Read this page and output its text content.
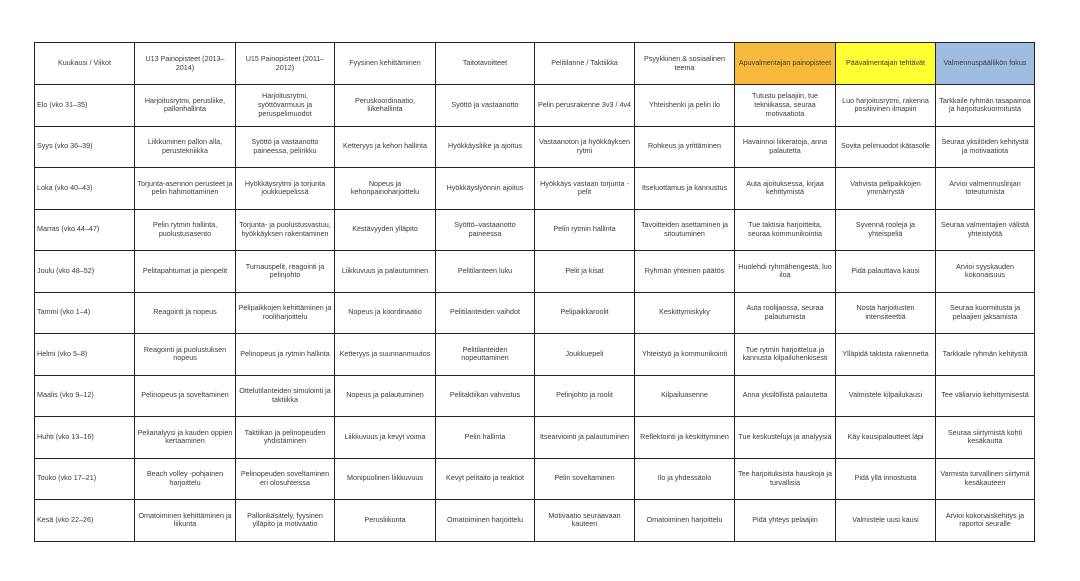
Kuukausi / Viikot	U13 Painopisteet (2013–2014)	U15 Painopisteet (2011–2012)	Fyysinen kehittäminen	Taitotavoitteet	Pelitilanne / Taktiikka	Psyykkinen & sosiaalinen teema	Apuvalmentajan painopisteet	Päävalmentajan tehtävät	Valmennuspäällikön fokus
Elo (vko 31–35)	Harjoitusrytmi, perusliike, pallonhallinta	Harjoitusrytmi, syöttövarmuus ja peruspelimuodot	Peruskoordinaatio, liikehallinta	Syöttö ja vastaanotto	Pelin perusrakenne 3v3 / 4v4	Yhteishenki ja pelin ilo	Tutustu pelaajiin, tue tekniikassa, seuraa motivaatiota	Luo harjoitusrytmi, rakenna positiivinen ilmapiiri	Tarkkaile ryhmän tasapainoa ja harjoituskuormitusta
Syys (vko 36–39)	Liikkuminen pallon alla, perustekniikka	Syöttö ja vastaanotto paineessa, pelirikku	Ketteryys ja kehon hallinta	Hyökkäysliike ja ajoitus	Vastaanoton ja hyökkäyksen rytmi	Rohkeus ja yrittäminen	Havainnoi liikeratoja, anna palautetta	Sovita pelimuodot ikätasolle	Seuraa yksilöiden kehitystä ja motivaatiota
Loka (vko 40–43)	Torjunta-asennon perusteet ja pelin hahmottaminen	Hyökkäysrytmi ja torjunta joukkuepelissä	Nopeus ja kehonpainoharjoittelu	Hyökkäyslyönnin ajoitus	Hyökkäys vastaan torjunta -pelit	Itseluottamus ja kannustus	Auta ajoituksessa, kirjaa kehittymistä	Vahvista pelipaikkojen ymmärrystä	Arvioi valmennuslinjan toteutumista
Marras (vko 44–47)	Pelin rytmin hallinta, puolustusasento	Torjunta- ja puolustusvastuu, hyökkäyksen rakentaminen	Kestävyyden ylläpito	Syöttö–vastaanotto paineessa	Pelin rytmin hallinta	Tavoitteiden asettaminen ja sitoutuminen	Tue taktisia harjoitteita, seuraa kommunikointia	Syvennä rooleja ja yhteispeliä	Seuraa valmentajien välistä yhteistyötä
Joulu (vko 48–52)	Pelitapahtumat ja pienpelit	Turnauspelit, reagointi ja pelinjohto	Liikkuvuus ja palautuminen	Pelitilanteen luku	Pelit ja kisat	Ryhmän yhteinen päätös	Huolehdi ryhmähengestä, luo iloa	Pidä palauttava kausi	Arvioi syyskauden kokonaisuus
Tammi (vko 1–4)	Reagointi ja nopeus	Pelipaikkojen kehittäminen ja rooliharjoittelu	Nopeus ja koordinaatio	Pelitilanteiden vaihdot	Pelipaikkaroolit	Keskittymiskyky	Auta roolijaossa, seuraa palautumista	Nosta harjoitusten intensiteettiä	Seuraa kuormitusta ja pelaajien jaksamista
Helmi (vko 5–8)	Reagointi ja puolustuksen nopeus	Pelinopeus ja rytmin hallinta	Ketteryys ja suunnanmuutos	Pelitilanteiden nopeuttaminen	Joukkuepeli	Yhteistyö ja kommunikointi	Tue rytmin harjoittelua ja kannusta kilpailuhenkisesti	Ylläpidä taktista rakennetta	Tarkkaile ryhmän kehitystä
Maalis (vko 9–12)	Pelinopeus ja soveltaminen	Ottelutilanteiden simulointi ja taktiikka	Nopeus ja palautuminen	Pelitaktiikan vahvistus	Pelinjohto ja roolit	Kilpailuasenne	Anna yksilöllistä palautetta	Valmistele kilpailukausi	Tee väliarvio kehittymisestä
Huhti (vko 13–16)	Pelianalyysi ja kauden oppien kertaaminen	Taktiikan ja pelinopeuden yhdistäminen	Liikkuvuus ja kevyt voima	Pelin hallinta	Itsearviointi ja palautuminen	Reflektointi ja keskittyminen	Tue keskusteluja ja analyysiä	Käy kausipalautteet läpi	Seuraa siirtymistä kohti kesäkautta
Touko (vko 17–21)	Beach volley -pohjainen harjoittelu	Pelinopeuden soveltaminen eri olosuhteissa	Monipuolinen liikkuvuus	Kevyt pelitaito ja reaktiot	Pelin soveltaminen	Ilo ja yhdessäolo	Tee harjoituksista hauskoja ja turvallisia	Pidä yllä innostusta	Varmista turvallinen siirtymä kesäkauteen
Kesä (vko 22–26)	Omatoiminen kehittäminen ja liikunta	Pallonkäsittely, fyysinen ylläpito ja motivaatio	Perusliikunta	Omatoiminen harjoittelu	Motivaatio seuraavaan kauteen	Omatoiminen harjoittelu	Pidä yhteys pelaajiin	Valmistele uusi kausi	Arvioi kokonaiskehitys ja raportoi seuralle
